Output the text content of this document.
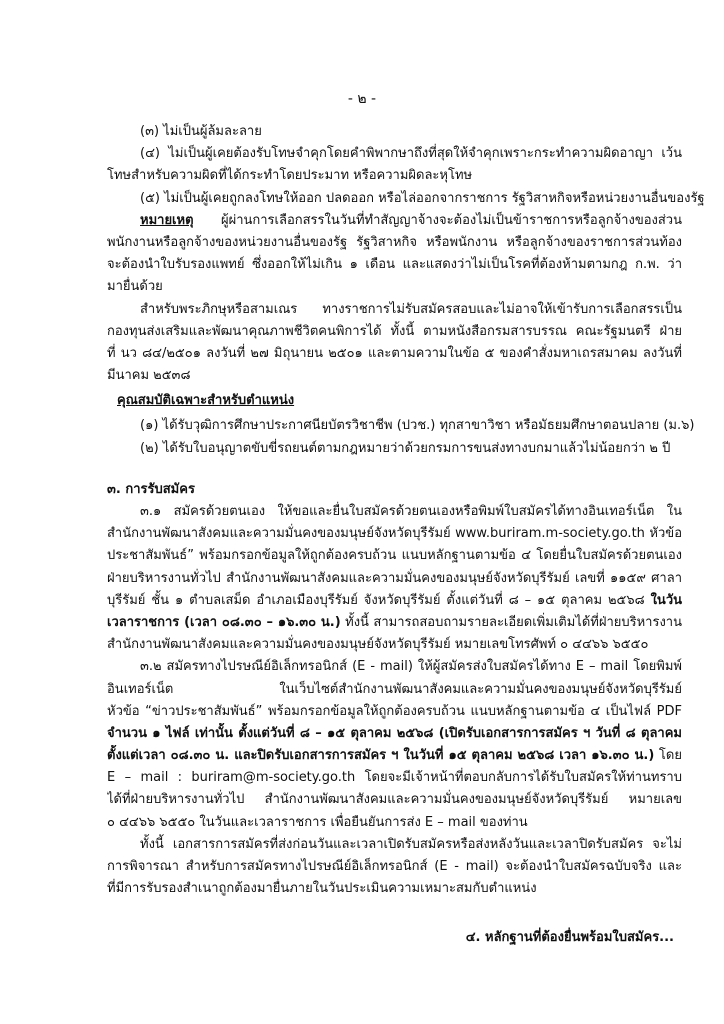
- ๒ -
(๓) ไม่เป็นผู้ล้มละลาย
(๔) ไม่เป็นผู้เคยต้องรับโทษจำคุกโดยคำพิพากษาถึงที่สุดให้จำคุกเพราะกระทำความผิดอาญา เว้น
โทษสำหรับความผิดที่ได้กระทำโดยประมาท หรือความผิดละหุโทษ
(๕) ไม่เป็นผู้เคยถูกลงโทษให้ออก ปลดออก หรือไล่ออกจากราชการ รัฐวิสาหกิจหรือหน่วยงานอื่นของรัฐ
หมายเหตุ ผู้ผ่านการเลือกสรรในวันที่ทำสัญญาจ้างจะต้องไม่เป็นข้าราชการหรือลูกจ้างของส่วน
พนักงานหรือลูกจ้างของหน่วยงานอื่นของรัฐ รัฐวิสาหกิจ หรือพนักงาน หรือลูกจ้างของราชการส่วนท้อง
จะต้องนำใบรับรองแพทย์ ซึ่งออกให้ไม่เกิน ๑ เดือน และแสดงว่าไม่เป็นโรคที่ต้องห้ามตามกฎ ก.พ. ว่า
มายื่นด้วย
สำหรับพระภิกษุหรือสามเณร ทางราชการไม่รับสมัครสอบและไม่อาจให้เข้ารับการเลือกสรรเป็น
กองทุนส่งเสริมและพัฒนาคุณภาพชีวิตคนพิการได้ ทั้งนี้ ตามหนังสือกรมสารบรรณ คณะรัฐมนตรี ฝ่าย
ที่ นว ๘๔/๒๕๐๑ ลงวันที่ ๒๗ มิถุนายน ๒๕๐๑ และตามความในข้อ ๕ ของคำสั่งมหาเถรสมาคม ลงวันที่
มีนาคม ๒๕๓๘
คุณสมบัติเฉพาะสำหรับตำแหน่ง
(๑) ได้รับวุฒิการศึกษาประกาศนียบัตรวิชาชีพ (ปวช.) ทุกสาขาวิชา หรือมัธยมศึกษาตอนปลาย (ม.๖)
(๒) ได้รับใบอนุญาตขับขี่รถยนต์ตามกฎหมายว่าด้วยกรมการขนส่งทางบกมาแล้วไม่น้อยกว่า ๒ ปี
๓. การรับสมัคร
๓.๑ สมัครด้วยตนเอง ให้ขอและยื่นใบสมัครด้วยตนเองหรือพิมพ์ใบสมัครได้ทางอินเทอร์เน็ต ใน
สำนักงานพัฒนาสังคมและความมั่นคงของมนุษย์จังหวัดบุรีรัมย์ www.buriram.m-society.go.th หัวข้อ
ประชาสัมพันธ์” พร้อมกรอกข้อมูลให้ถูกต้องครบถ้วน แนบหลักฐานตามข้อ ๔ โดยยื่นใบสมัครด้วยตนเอง
ฝ่ายบริหารงานทั่วไป สำนักงานพัฒนาสังคมและความมั่นคงของมนุษย์จังหวัดบุรีรัมย์ เลขที่ ๑๑๕๙ ศาลา
บุรีรัมย์ ชั้น ๑ ตำบลเสม็ด อำเภอเมืองบุรีรัมย์ จังหวัดบุรีรัมย์ ตั้งแต่วันที่ ๘ – ๑๕ ตุลาคม ๒๕๖๘ ในวัน
เวลาราชการ (เวลา ๐๘.๓๐ – ๑๖.๓๐ น.) ทั้งนี้ สามารถสอบถามรายละเอียดเพิ่มเติมได้ที่ฝ่ายบริหารงาน
สำนักงานพัฒนาสังคมและความมั่นคงของมนุษย์จังหวัดบุรีรัมย์ หมายเลขโทรศัพท์ ๐ ๔๔๖๖ ๖๕๕๐
๓.๒ สมัครทางไปรษณีย์อิเล็กทรอนิกส์ (E - mail) ให้ผู้สมัครส่งใบสมัครได้ทาง E – mail โดยพิมพ์
อินเทอร์เน็ต ในเว็บไซต์สำนักงานพัฒนาสังคมและความมั่นคงของมนุษย์จังหวัดบุรีรัมย์
หัวข้อ “ข่าวประชาสัมพันธ์” พร้อมกรอกข้อมูลให้ถูกต้องครบถ้วน แนบหลักฐานตามข้อ ๔ เป็นไฟล์ PDF
จำนวน ๑ ไฟล์ เท่านั้น ตั้งแต่วันที่ ๘ – ๑๕ ตุลาคม ๒๕๖๘ (เปิดรับเอกสารการสมัคร ฯ วันที่ ๘ ตุลาคม
ตั้งแต่เวลา ๐๘.๓๐ น. และปิดรับเอกสารการสมัคร ฯ ในวันที่ ๑๕ ตุลาคม ๒๕๖๘ เวลา ๑๖.๓๐ น.) โดย
E – mail : buriram@m-society.go.th โดยจะมีเจ้าหน้าที่ตอบกลับการได้รับใบสมัครให้ท่านทราบ
ได้ที่ฝ่ายบริหารงานทั่วไป สำนักงานพัฒนาสังคมและความมั่นคงของมนุษย์จังหวัดบุรีรัมย์ หมายเลข
๐ ๔๔๖๖ ๖๕๕๐ ในวันและเวลาราชการ เพื่อยืนยันการส่ง E – mail ของท่าน
ทั้งนี้ เอกสารการสมัครที่ส่งก่อนวันและเวลาเปิดรับสมัครหรือส่งหลังวันและเวลาปิดรับสมัคร จะไม่
การพิจารณา สำหรับการสมัครทางไปรษณีย์อิเล็กทรอนิกส์ (E - mail) จะต้องนำใบสมัครฉบับจริง และ
ที่มีการรับรองสำเนาถูกต้องมายื่นภายในวันประเมินความเหมาะสมกับตำแหน่ง
๔. หลักฐานที่ต้องยื่นพร้อมใบสมัคร...
